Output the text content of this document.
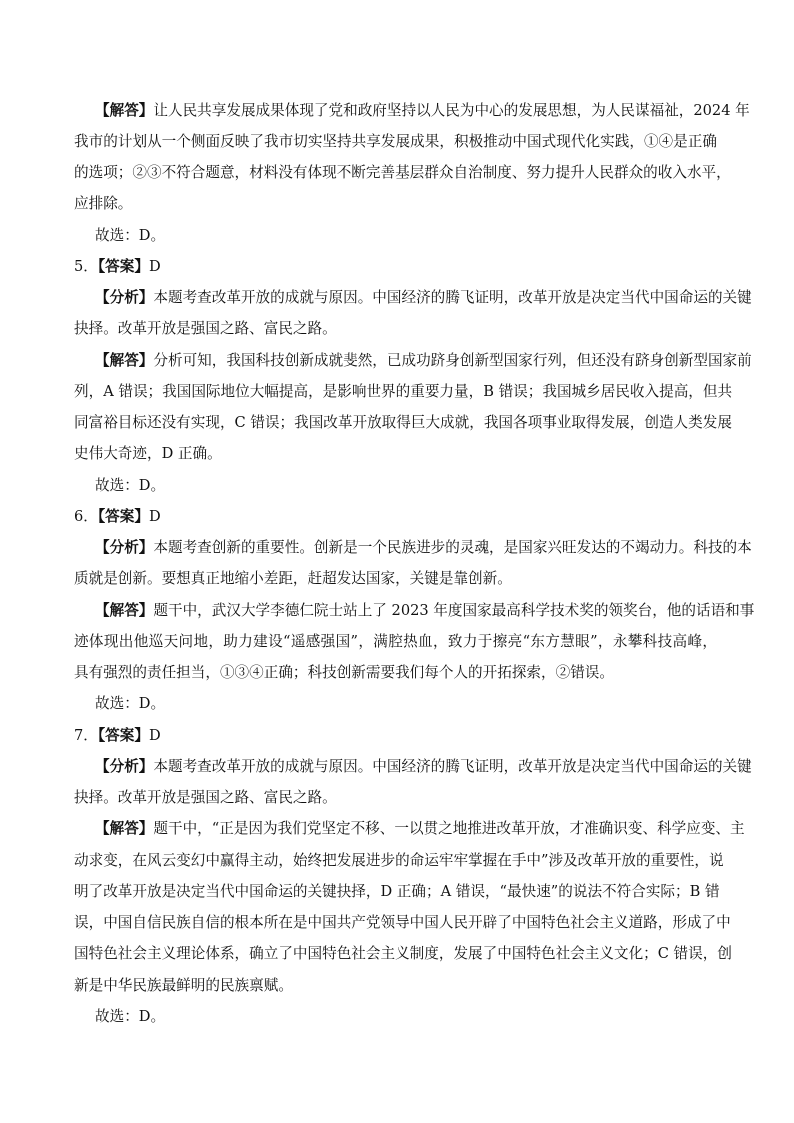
【解答】让人民共享发展成果体现了党和政府坚持以人民为中心的发展思想，为人民谋福祉，2024 年
我市的计划从一个侧面反映了我市切实坚持共享发展成果，积极推动中国式现代化实践，①④是正确
的选项；②③不符合题意，材料没有体现不断完善基层群众自治制度、努力提升人民群众的收入水平，
应排除。
故选：D。
5．【答案】D
【分析】本题考查改革开放的成就与原因。中国经济的腾飞证明，改革开放是决定当代中国命运的关键
抉择。改革开放是强国之路、富民之路。
【解答】分析可知，我国科技创新成就斐然，已成功跻身创新型国家行列，但还没有跻身创新型国家前
列，A 错误；我国国际地位大幅提高，是影响世界的重要力量，B 错误；我国城乡居民收入提高，但共
同富裕目标还没有实现，C 错误；我国改革开放取得巨大成就，我国各项事业取得发展，创造人类发展
史伟大奇迹，D 正确。
故选：D。
6．【答案】D
【分析】本题考查创新的重要性。创新是一个民族进步的灵魂，是国家兴旺发达的不竭动力。科技的本
质就是创新。要想真正地缩小差距，赶超发达国家，关键是靠创新。
【解答】题干中，武汉大学李德仁院士站上了 2023 年度国家最高科学技术奖的领奖台，他的话语和事
迹体现出他巡天问地，助力建设“遥感强国”，满腔热血，致力于擦亮“东方慧眼”，永攀科技高峰，
具有强烈的责任担当，①③④正确；科技创新需要我们每个人的开拓探索，②错误。
故选：D。
7．【答案】D
【分析】本题考查改革开放的成就与原因。中国经济的腾飞证明，改革开放是决定当代中国命运的关键
抉择。改革开放是强国之路、富民之路。
【解答】题干中，“正是因为我们党坚定不移、一以贯之地推进改革开放，才准确识变、科学应变、主
动求变，在风云变幻中赢得主动，始终把发展进步的命运牢牢掌握在手中”涉及改革开放的重要性，说
明了改革开放是决定当代中国命运的关键抉择，D 正确；A 错误，“最快速”的说法不符合实际；B 错
误，中国自信民族自信的根本所在是中国共产党领导中国人民开辟了中国特色社会主义道路，形成了中
国特色社会主义理论体系，确立了中国特色社会主义制度，发展了中国特色社会主义文化；C 错误，创
新是中华民族最鲜明的民族禀赋。
故选：D。
